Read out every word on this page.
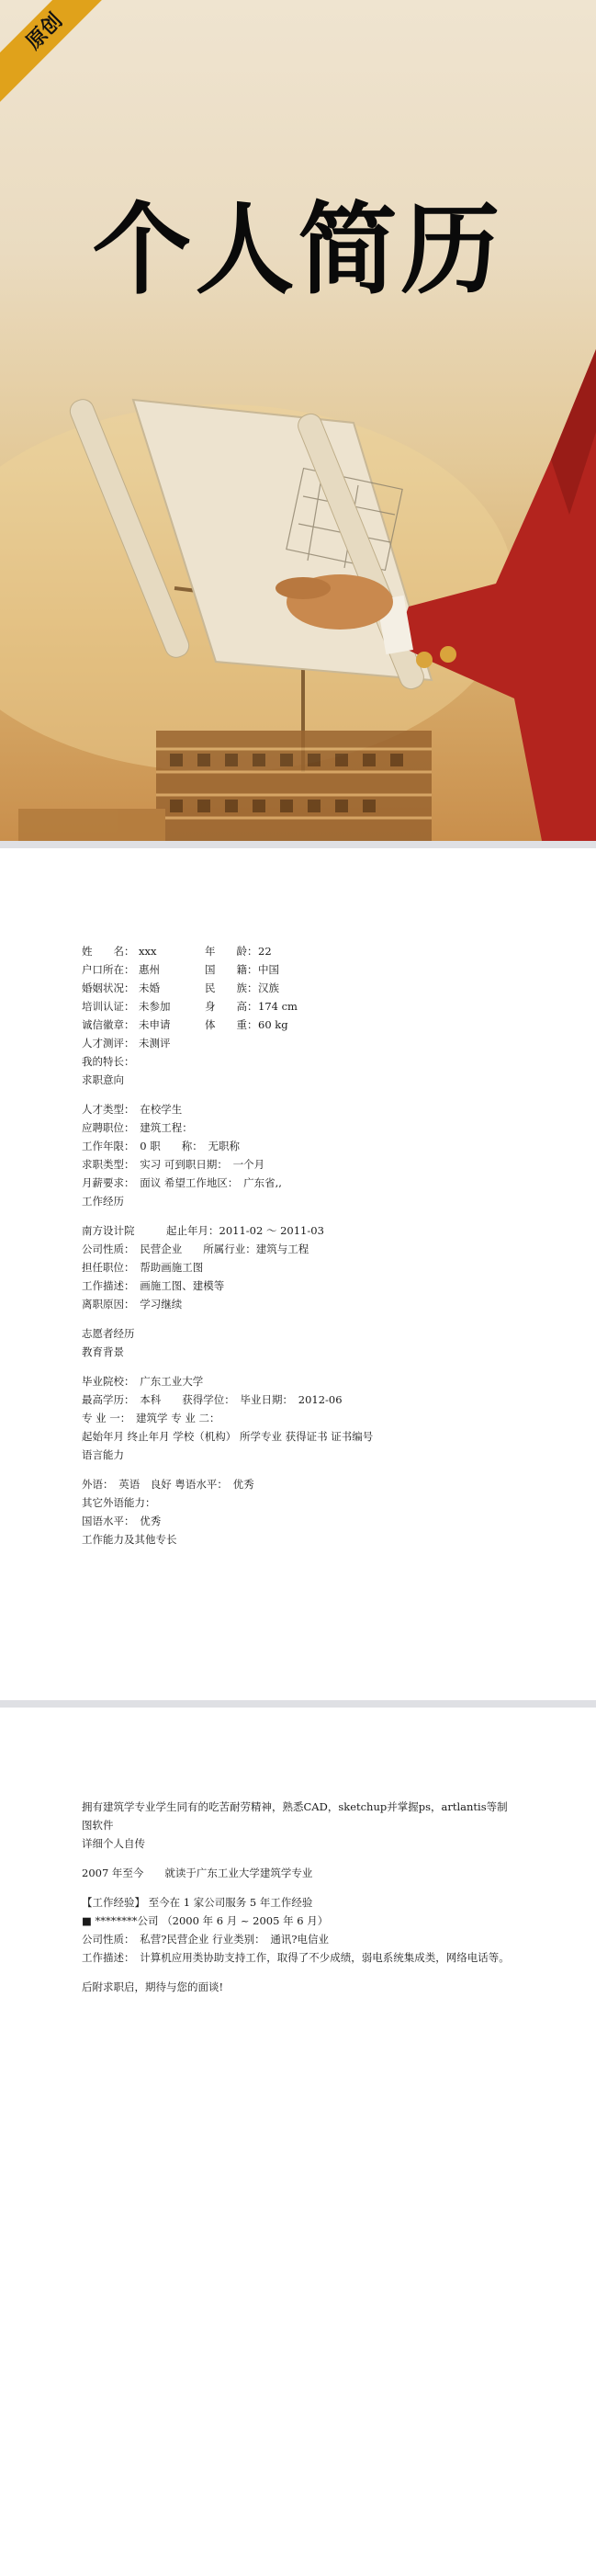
原创
个人简历
姓　　名： xxx	年　　龄：22
户口所在： 惠州	国　　籍：中国
婚姻状况： 未婚	民　　族：汉族
培训认证： 未参加	身　　高：174 cm
诚信徽章： 未申请	体　　重：60 kg
人才测评： 未测评
我的特长：
求职意向
人才类型：　在校学生
应聘职位：　建筑工程：
工作年限：　0 职　　称：　无职称
求职类型：　实习 可到职日期：　一个月
月薪要求：　面议 希望工作地区：　广东省,,
工作经历
南方设计院　　　起止年月：2011-02 ～ 2011-03
公司性质：　民营企业　　所属行业：建筑与工程
担任职位：　帮助画施工图
工作描述：　画施工图、建模等
离职原因：　学习继续
志愿者经历
教育背景
毕业院校：　广东工业大学
最高学历：　本科　　获得学位：　毕业日期：　2012-06
专 业 一：　建筑学 专 业 二：
起始年月 终止年月 学校（机构） 所学专业 获得证书 证书编号
语言能力
外语：　英语　良好 粤语水平：　优秀
其它外语能力：
国语水平：　优秀
工作能力及其他专长

拥有建筑学专业学生同有的吃苦耐劳精神，熟悉CAD，sketchup并掌握ps，artlantis等制图软件

详细个人自传

2007 年至今　　就读于广东工业大学建筑学专业

【工作经验】 至今在 1 家公司服务 5 年工作经验

■ ********公司 （2000 年 6 月 ~ 2005 年 6 月）

公司性质：　私营?民营企业 行业类别：　通讯?电信业

工作描述：　计算机应用类协助支持工作，取得了不少成绩，弱电系统集成类，网络电话等。

后附求职启，期待与您的面谈!
